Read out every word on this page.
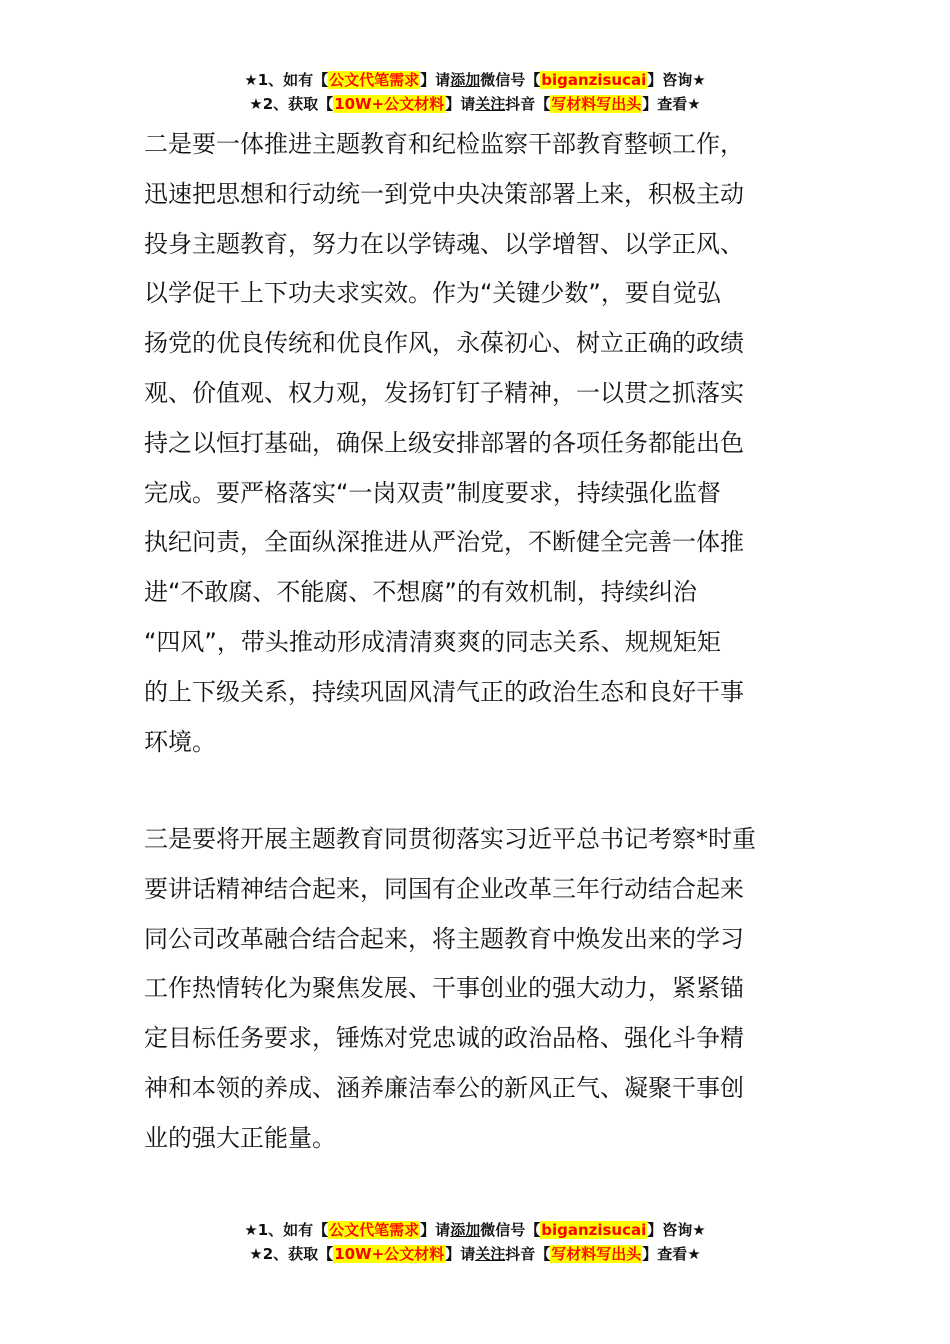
★1、如有【公文代笔需求】请添加微信号【biganzisucai】咨询★
★2、获取【10W+公文材料】请关注抖音【写材料写出头】查看★
二是要一体推进主题教育和纪检监察干部教育整顿工作，
迅速把思想和行动统一到党中央决策部署上来，积极主动
投身主题教育，努力在以学铸魂、以学增智、以学正风、
以学促干上下功夫求实效。作为“关键少数”，要自觉弘
扬党的优良传统和优良作风，永葆初心、树立正确的政绩
观、价值观、权力观，发扬钉钉子精神，一以贯之抓落实
持之以恒打基础，确保上级安排部署的各项任务都能出色
完成。要严格落实“一岗双责”制度要求，持续强化监督
执纪问责，全面纵深推进从严治党，不断健全完善一体推
进“不敢腐、不能腐、不想腐”的有效机制，持续纠治
“四风”，带头推动形成清清爽爽的同志关系、规规矩矩
的上下级关系，持续巩固风清气正的政治生态和良好干事
环境。
三是要将开展主题教育同贯彻落实习近平总书记考察*时重
要讲话精神结合起来，同国有企业改革三年行动结合起来
同公司改革融合结合起来，将主题教育中焕发出来的学习
工作热情转化为聚焦发展、干事创业的强大动力，紧紧锚
定目标任务要求，锤炼对党忠诚的政治品格、强化斗争精
神和本领的养成、涵养廉洁奉公的新风正气、凝聚干事创
业的强大正能量。
★1、如有【公文代笔需求】请添加微信号【biganzisucai】咨询★
★2、获取【10W+公文材料】请关注抖音【写材料写出头】查看★
